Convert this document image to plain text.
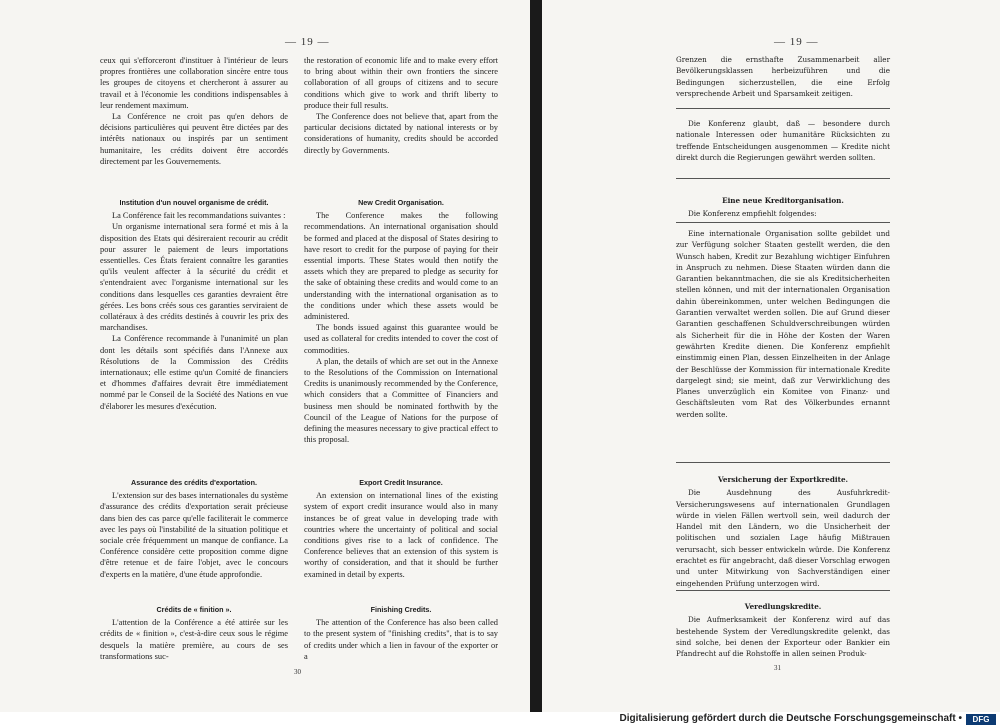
— 19 —

ceux qui s'efforceront d'instituer à l'intérieur de leurs propres frontières une collaboration sincère entre tous les groupes de citoyens et chercheront à assurer au travail et à l'économie les conditions indispensables à leur rendement maximum.

La Conférence ne croit pas qu'en dehors de décisions particulières qui peuvent être dictées par des intérêts nationaux ou inspirés par un sentiment humanitaire, les crédits doivent être accordés directement par les Gouvernements.

Institution d'un nouvel organisme de crédit.

La Conférence fait les recommandations suivantes :

Un organisme international sera formé et mis à la disposition des Etats qui désireraient recourir au crédit pour assurer le paiement de leurs importations essentielles. Ces États feraient connaître les garanties qu'ils veulent affecter à la sécurité du crédit et s'entendraient avec l'organisme international sur les conditions dans lesquelles ces garanties devraient être gérées. Les bons créés sous ces garanties serviraient de collatéraux à des crédits destinés à couvrir les prix des marchandises.

La Conférence recommande à l'unanimité un plan dont les détails sont spécifiés dans l'Annexe aux Résolutions de la Commission des Crédits internationaux; elle estime qu'un Comité de financiers et d'hommes d'affaires devrait être immédiatement nommé par le Conseil de la Société des Nations en vue d'élaborer les mesures d'exécution.

Assurance des crédits d'exportation.

L'extension sur des bases internationales du système d'assurance des crédits d'exportation serait précieuse dans bien des cas parce qu'elle faciliterait le commerce avec les pays où l'instabilité de la situation politique et sociale crée fréquemment un manque de confiance. La Conférence considère cette proposition comme digne d'être retenue et de faire l'objet, avec le concours d'experts en la matière, d'une étude approfondie.

Crédits de « finition ».

L'attention de la Conférence a été attirée sur les crédits de « finition », c'est-à-dire ceux sous le régime desquels la matière première, au cours de ses transformations suc-

the restoration of economic life and to make every effort to bring about within their own frontiers the sincere collaboration of all groups of citizens and to secure conditions which give to work and thrift liberty to produce their full results.

The Conference does not believe that, apart from the particular decisions dictated by national interests or by considerations of humanity, credits should be accorded directly by Governments.

New Credit Organisation.

The Conference makes the following recommendations. An international organisation should be formed and placed at the disposal of States desiring to have resort to credit for the purpose of paying for their essential imports. These States would then notify the assets which they are prepared to pledge as security for the sake of obtaining these credits and would come to an understanding with the international organisation as to the conditions under which these assets would be administered.

The bonds issued against this guarantee would be used as collateral for credits intended to cover the cost of commodities.

A plan, the details of which are set out in the Annexe to the Resolutions of the Commission on International Credits is unanimously recommended by the Conference, which considers that a Committee of Financiers and business men should be nominated forthwith by the Council of the League of Nations for the purpose of defining the measures necessary to give practical effect to this proposal.

Export Credit Insurance.

An extension on international lines of the existing system of export credit insurance would also in many instances be of great value in developing trade with countries where the uncertainty of political and social conditions gives rise to a lack of confidence. The Conference believes that an extension of this system is worthy of consideration, and that it should be further examined in detail by experts.

Finishing Credits.

The attention of the Conference has also been called to the present system of "finishing credits", that is to say of credits under which a lien in favour of the exporter or a

30
— 19 —

Grenzen die ernsthafte Zusammenarbeit aller Bevölkerungsklassen herbeizuführen und die Bedingungen sicherzustellen, die eine Erfolg versprechende Arbeit und Sparsamkeit zeitigen.

Die Konferenz glaubt, daß — besondere durch nationale Interessen oder humanitäre Rücksichten zu treffende Entscheidungen ausgenommen — Kredite nicht direkt durch die Regierungen gewährt werden sollten.

Eine neue Kreditorganisation.

Die Konferenz empfiehlt folgendes:

Eine internationale Organisation sollte gebildet und zur Verfügung solcher Staaten gestellt werden, die den Wunsch haben, Kredit zur Bezahlung wichtiger Einfuhren in Anspruch zu nehmen. Diese Staaten würden dann die Garantien bekanntmachen, die sie als Kreditsicherheiten stellen können, und mit der internationalen Organisation dahin übereinkommen, unter welchen Bedingungen die Garantien verwaltet werden sollen. Die auf Grund dieser Garantien geschaffenen Schuldverschreibungen würden als Sicherheit für die in Höhe der Kosten der Waren gewährten Kredite dienen. Die Konferenz empfiehlt einstimmig einen Plan, dessen Einzelheiten in der Anlage der Beschlüsse der Kommission für internationale Kredite dargelegt sind; sie meint, daß zur Verwirklichung des Planes unverzüglich ein Komitee von Finanz- und Geschäftsleuten vom Rat des Völkerbundes ernannt werden sollte.

Versicherung der Exportkredite.

Die Ausdehnung des Ausfuhrkredit-Versicherungswesens auf internationalen Grundlagen würde in vielen Fällen wertvoll sein, weil dadurch der Handel mit den Ländern, wo die Unsicherheit der politischen und sozialen Lage häufig Mißtrauen verursacht, sich besser entwickeln würde. Die Konferenz erachtet es für angebracht, daß dieser Vorschlag erwogen und unter Mitwirkung von Sachverständigen einer eingehenden Prüfung unterzogen wird.

Veredlungskredite.

Die Aufmerksamkeit der Konferenz wird auf das bestehende System der Veredlungskredite gelenkt, das sind solche, bei denen der Exporteur oder Bankier ein Pfandrecht auf die Rohstoffe in allen seinen Produk-

31
Digitalisierung gefördert durch die Deutsche Forschungsgemeinschaft •	DFG
